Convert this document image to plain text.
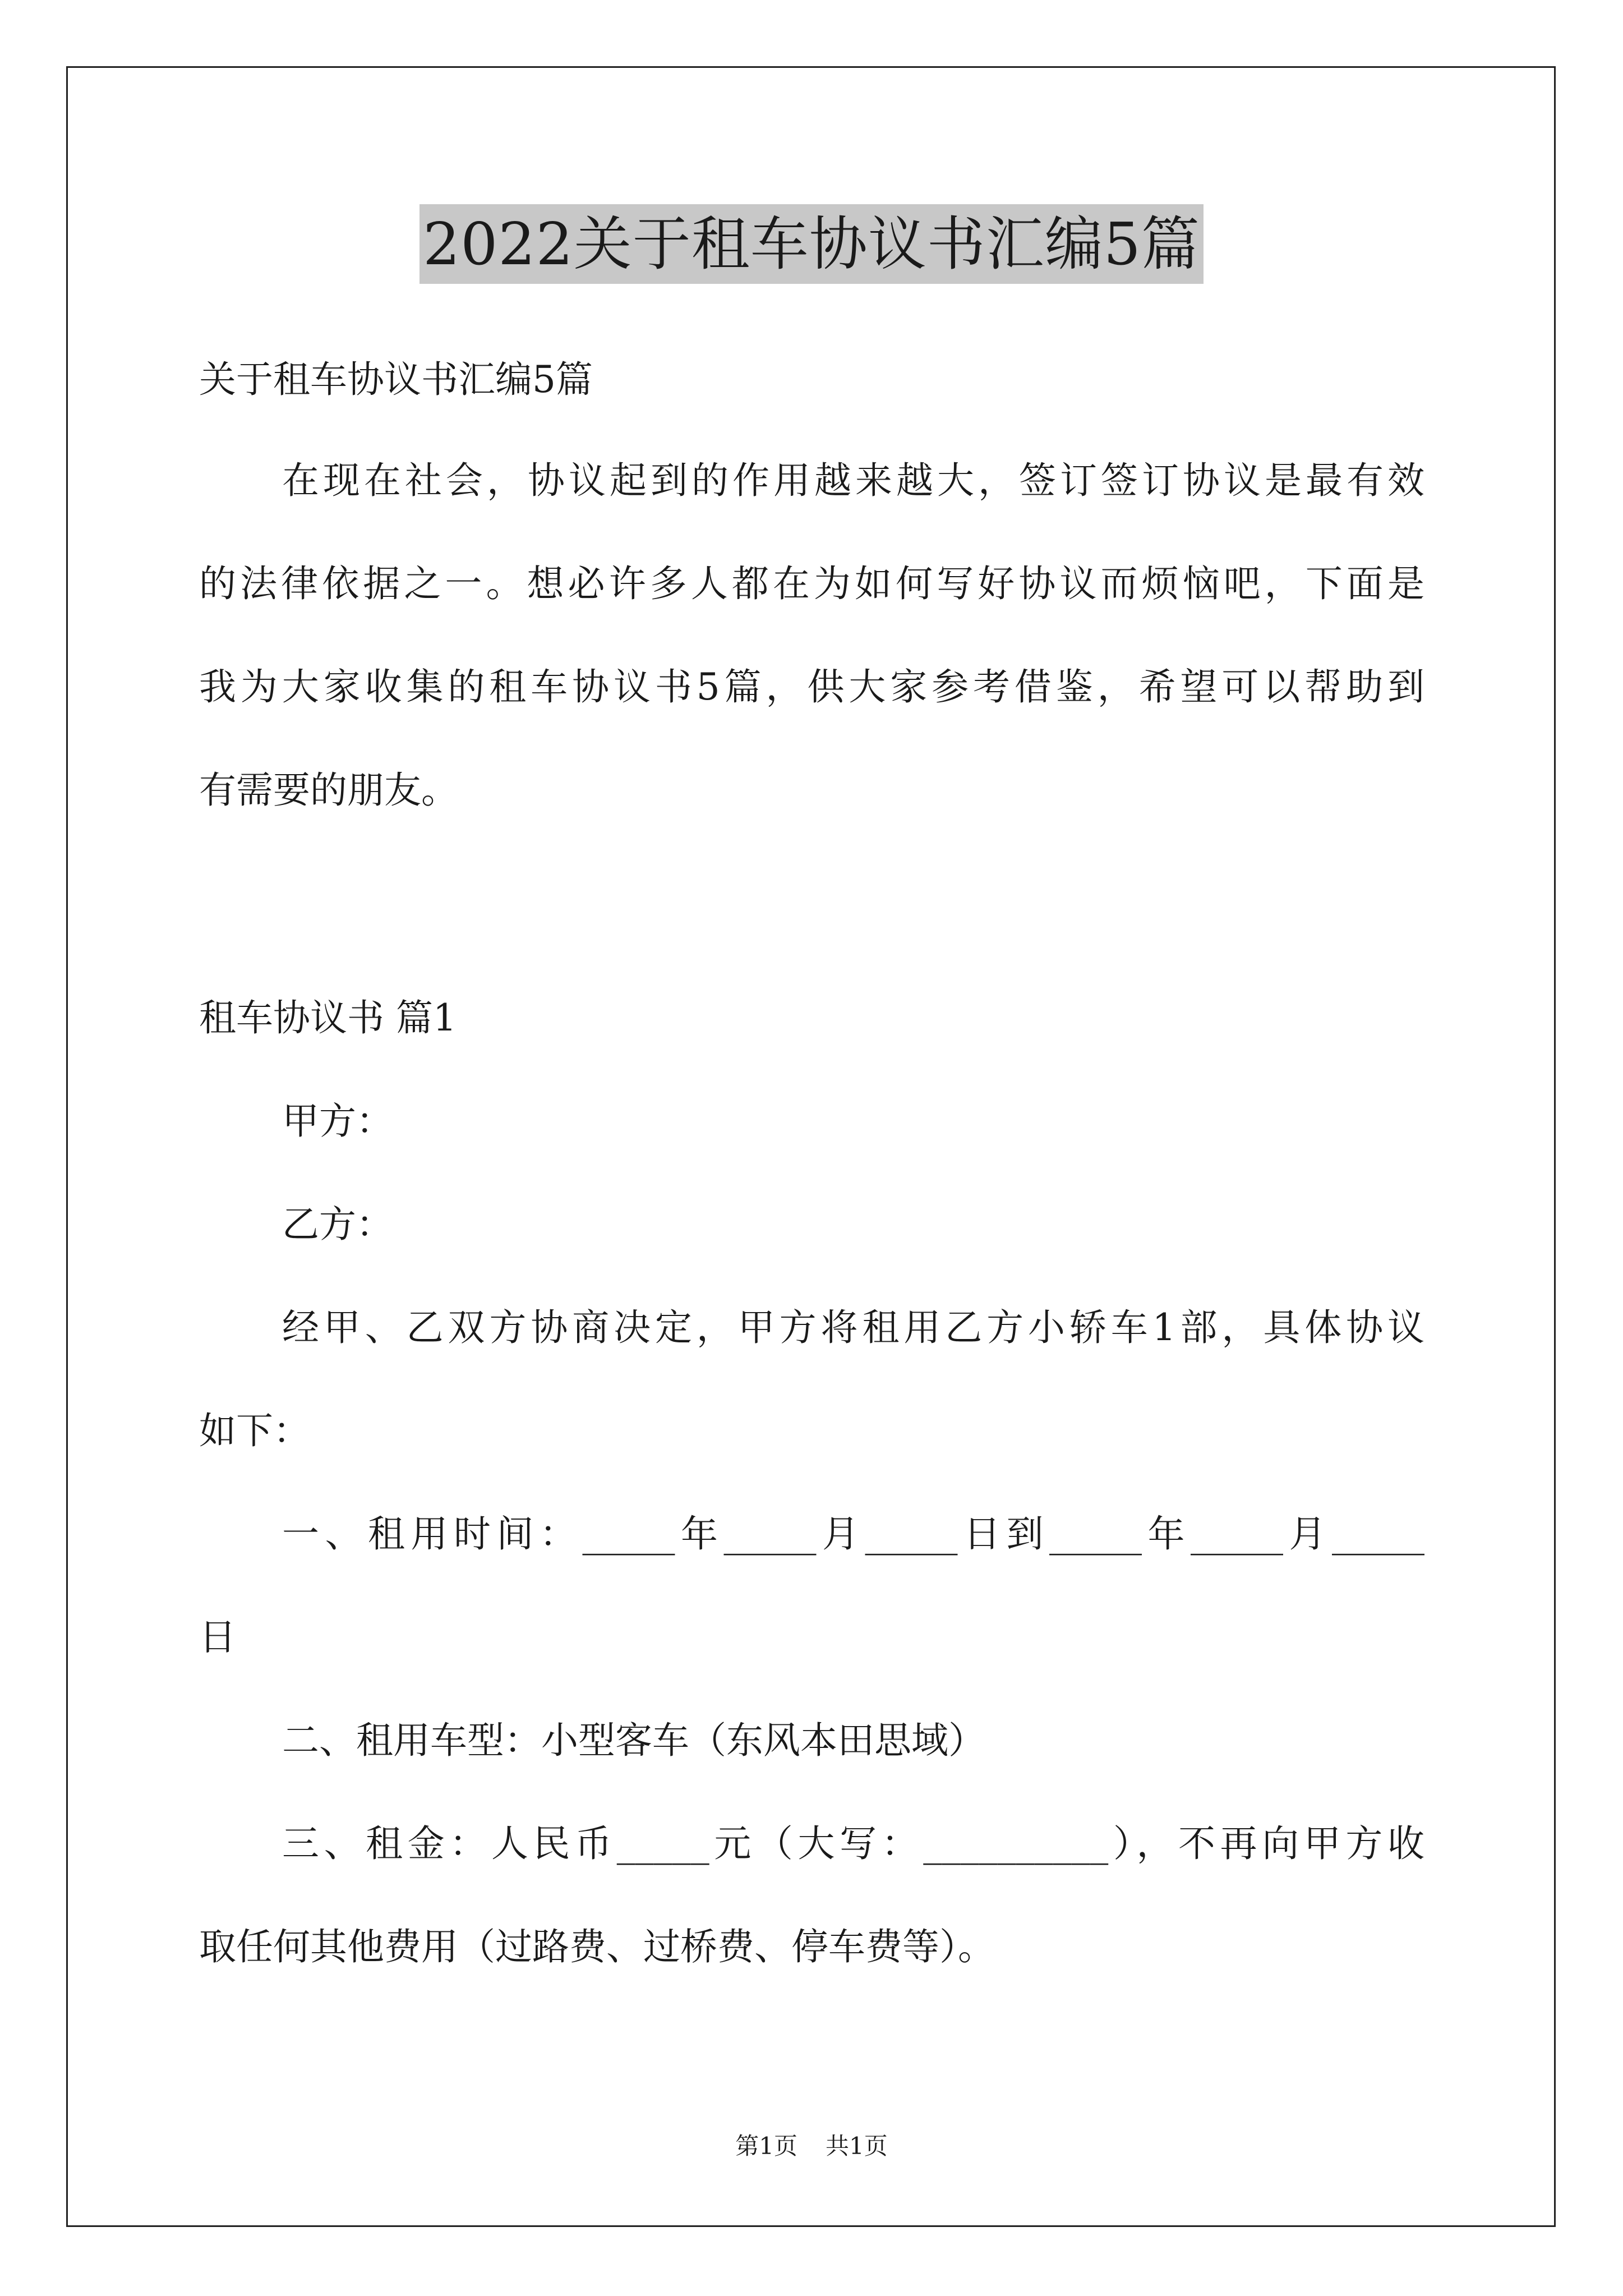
2022关于租车协议书汇编5篇
关于租车协议书汇编5篇
在现在社会，协议起到的作用越来越大，签订签订协议是最有效
的法律依据之一。想必许多人都在为如何写好协议而烦恼吧，下面是
我为大家收集的租车协议书5篇，供大家参考借鉴，希望可以帮助到
有需要的朋友。
租车协议书 篇1
甲方：
乙方：
经甲、乙双方协商决定，甲方将租用乙方小轿车1部，具体协议
如下：
一、租用时间：_____年_____月_____日到_____年_____月_____
日
二、租用车型：小型客车（东风本田思域）
三、租金：人民币_____元（大写：__________），不再向甲方收
取任何其他费用（过路费、过桥费、停车费等）。
第1页 共1页
